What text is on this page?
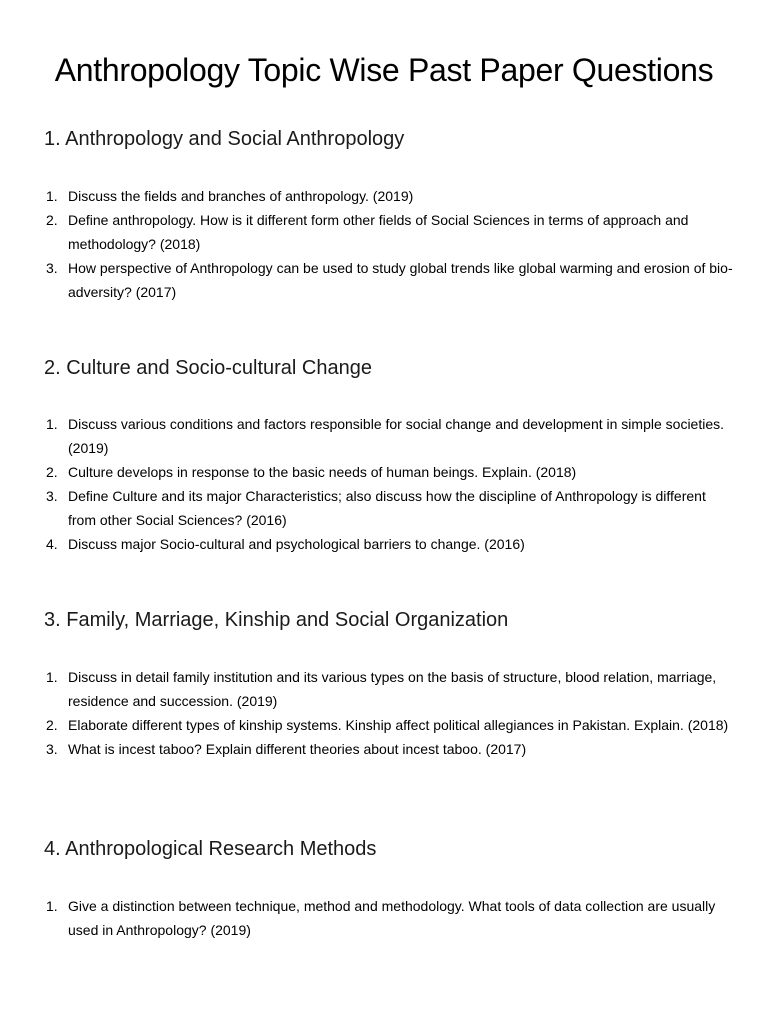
Anthropology Topic Wise Past Paper Questions
1. Anthropology and Social Anthropology
1. Discuss the fields and branches of anthropology. (2019)
2. Define anthropology. How is it different form other fields of Social Sciences in terms of approach and methodology? (2018)
3. How perspective of Anthropology can be used to study global trends like global warming and erosion of bio-adversity? (2017)
2. Culture and Socio-cultural Change
1. Discuss various conditions and factors responsible for social change and development in simple societies. (2019)
2. Culture develops in response to the basic needs of human beings. Explain. (2018)
3. Define Culture and its major Characteristics; also discuss how the discipline of Anthropology is different from other Social Sciences? (2016)
4. Discuss major Socio-cultural and psychological barriers to change. (2016)
3. Family, Marriage, Kinship and Social Organization
1. Discuss in detail family institution and its various types on the basis of structure, blood relation, marriage, residence and succession. (2019)
2. Elaborate different types of kinship systems. Kinship affect political allegiances in Pakistan. Explain. (2018)
3. What is incest taboo? Explain different theories about incest taboo. (2017)
4. Anthropological Research Methods
1. Give a distinction between technique, method and methodology. What tools of data collection are usually used in Anthropology? (2019)
